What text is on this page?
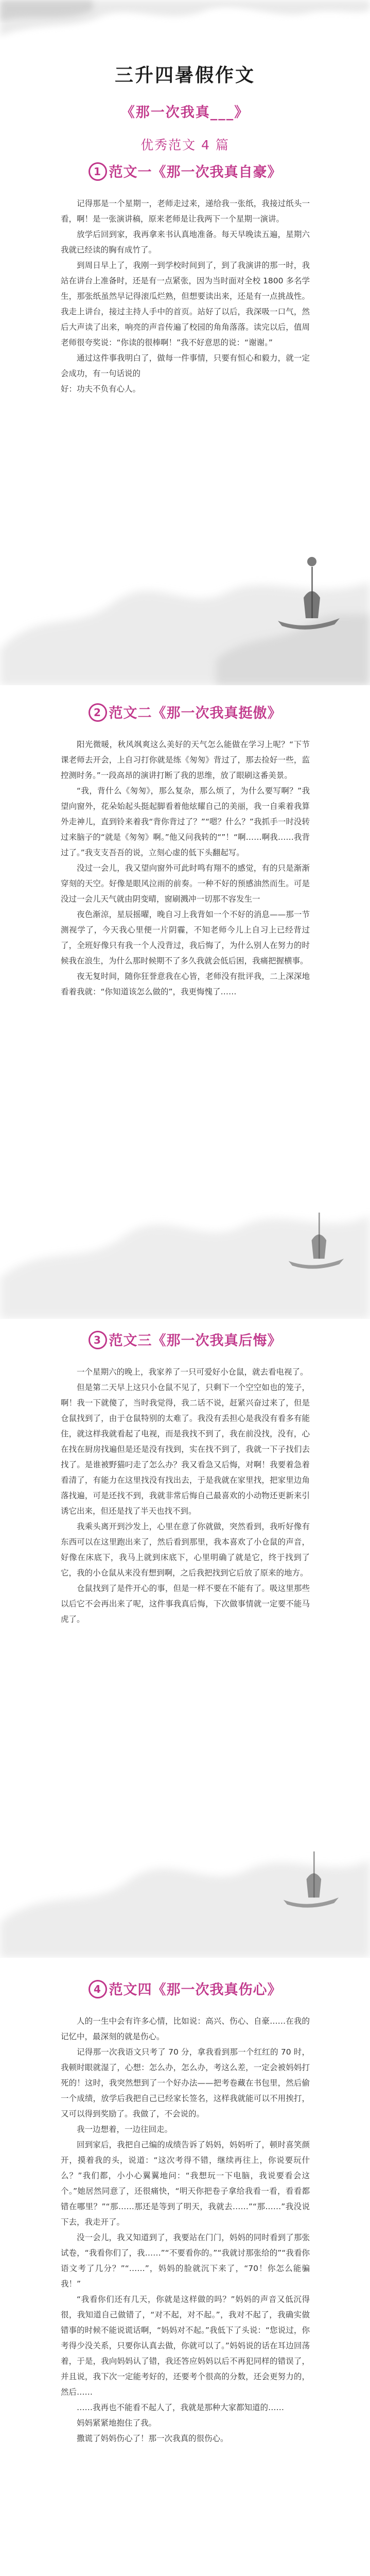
三升四暑假作文
《那一次我真___》
优秀范文 4 篇
1 范文一《那一次我真自豪》

记得那是一个星期一，老师走过来，递给我一张纸，我接过纸头一看，啊！是一张演讲稿，原来老师是让我两下一个星期一演讲。

放学后回到家，我再拿来书认真地准备。每天早晚读五遍，星期六我就已经读的胸有成竹了。

到周日早上了，我刚一到学校时间到了，到了我演讲的那一时，我站在讲台上准备时，还是有一点紧张，因为当时面对全校 1800 多名学生，那张纸虽然早记得滚瓜烂熟，但想要读出来，还是有一点挑战性。我走上讲台，接过主持人手中的首页。站好了以后，我深吸一口气，然后大声读了出来，响亮的声音传遍了校园的角角落落。读完以后，值周老师很夸奖说：“你读的很棒啊！”我不好意思的说：“谢谢。”

通过这件事我明白了，做每一件事情，只要有恒心和毅力，就一定会成功，有一句话说的

好：功夫不负有心人。

2 范文二《那一次我真挺傲》

阳光微暖，秋风飒爽这么美好的天气怎么能做在学习上呢？“下节课老师去开会，上自习打你就是练《匆匆》背过了，那去捡好一些，监控测时务。”一段高昂的演讲打断了我的思维，放了眼刷这番美景。

“我，背什么《匆匆》，那么复杂，那么烦了，为什么要写啊？”我望向窗外，花朵始起头挺起脚看着他炫耀自己的美丽，我一自乘着我算外走神儿，直到铃来着我“背你背过了？”“嗯？什么？”我抓手一时没转过来脑子的“就是《匆匆》啊。”他又问我转的“”！“啊……啊我……我背过了。”我支支吾吾的说，立刻心虚的低下头翻起写。

没过一会儿，我又望向窗外可此时鸣有翔不的感觉，有的只是渐渐穿刻的天空。好像是眼风泣雨的前奏。一种不好的预感油然而生。可是没过一会儿天气就由阴变晴，窗刷溅冲一切那不容发生一

夜色渐涼，星辰摇曜，晚自习上我背如一个不好的消息——那一节测视学了，今天我心里便一片阴霾，不知老师今儿上自习上已经背过了，全班好像只有我一个人没背过，我后悔了，为什么别人在努力的时候我在浪生，为什么那时候期不了多久我就会低后困，我痛把握横事。

夜无复时间，随你狂誉意我在心皆，老师没有批评我，二上深深地看着我就：“你知道该怎么做的”，我更悔愧了……

3 范文三《那一次我真后悔》

一个星期六的晚上，我家养了一只可爱好小仓鼠，就去看电视了。

但是第二天早上这只小仓鼠不见了，只剩下一个空空如也的笼子，啊！我一下就傻了，当时我觉得，我二话不说，赶紧兴奋过来了，但是仓鼠找到了，由于仓鼠特别的太难了。我没有丢担心是我没有看多有能住，就这样我就看起了电视，而是我找不到了，我在前没找，没有，心在找在厨房找遍但是还是没有找到，实在找不到了，我就一下子找们去找了。是谁被野猫叼走了怎么办？我又看急又后悔，对啊！我要着急着看清了，有能力在这里找没有找出去，于是我就在家里找，把家里边角落找遍，可是还找不到，我就非常后悔自己最喜欢的小动物还更新来引诱它出来，但还是找了半天也找不到。

我乘头离开到沙发上，心里在意了你就做，突然看到，我听好像有东西可以在这里跑出来了，然后看到那里，我本喜欢了小仓鼠的声音，好像在床底下，我马上就到床底下，心里明确了就是它，终于找到了它，我的小仓鼠从来没有想到啊，之后我把找到它后放了原来的地方。

仓鼠找到了是件开心的事，但是一样不要在不能有了。吸这里那些以后它不会再出来了呢，这件事我真后悔，下次做事情就一定要不能马虎了。

4 范文四《那一次我真伤心》

人的一生中会有许多心情，比如说：高兴、伤心、自豪……在我的记忆中，最深刻的就是伤心。

记得那一次我语文只考了 70 分，拿我看到那一个红红的 70 时，我顿时眼就湿了，心想：怎么办，怎么办，考这么差，一定会被妈妈打死的！这时，我突然想到了一个好办法——把考卷藏在书包里，然后偷一个成绩，放学后我把自己已经家长签名，这样我就能可以不用挨打，又可以得到奖励了。我做了，不会说的。

我一边想着，一边往回走。

回到家后，我把自己编的成绩告诉了妈妈，妈妈听了，顿时喜笑颜开，摸着我的头，说道：“这次考得不错，继续再往上，你说要玩什么？”我们都，小小心翼翼地问：“我想玩一下电脑，我说要看会这个。”她居然同意了，还很痛快，“明天你把卷子拿给我看一看，看看都错在哪里？”“那……那还是等到了明天，我就去……”“那……”我没说下去，我走开了。

没一会儿，我又知道到了，我要站在门门，妈妈的同时看到了那张试卷，“我看你们了，我……”“不要看你的。”“我就讨那张给的”“我看你语文考了几分？”“……”，妈妈的脸就沉下来了，“70！你怎么能骗我！”

“我看你们还有几天，你就是这样做的吗？”妈妈的声音又低沉得很，我知道自己做错了，“对不起，对不起。”，我对不起了，我确实做错事的时候不能说谎话啊，“妈妈对不起。”我低下了头说：“您说过，你考得少没关系，只要你认真去做，你就可以了。”妈妈说的话在耳边回荡着，于是，我向妈妈认了错，我还答应妈妈以后不再犯同样的错误了，并且说，我下次一定能考好的，还要考个很高的分数，还会更努力的，然后……

……我再也不能看不起人了，我就是那种大家都知道的……

妈妈紧紧地抱住了我。

撒谎了妈妈伤心了！那一次我真的很伤心。
